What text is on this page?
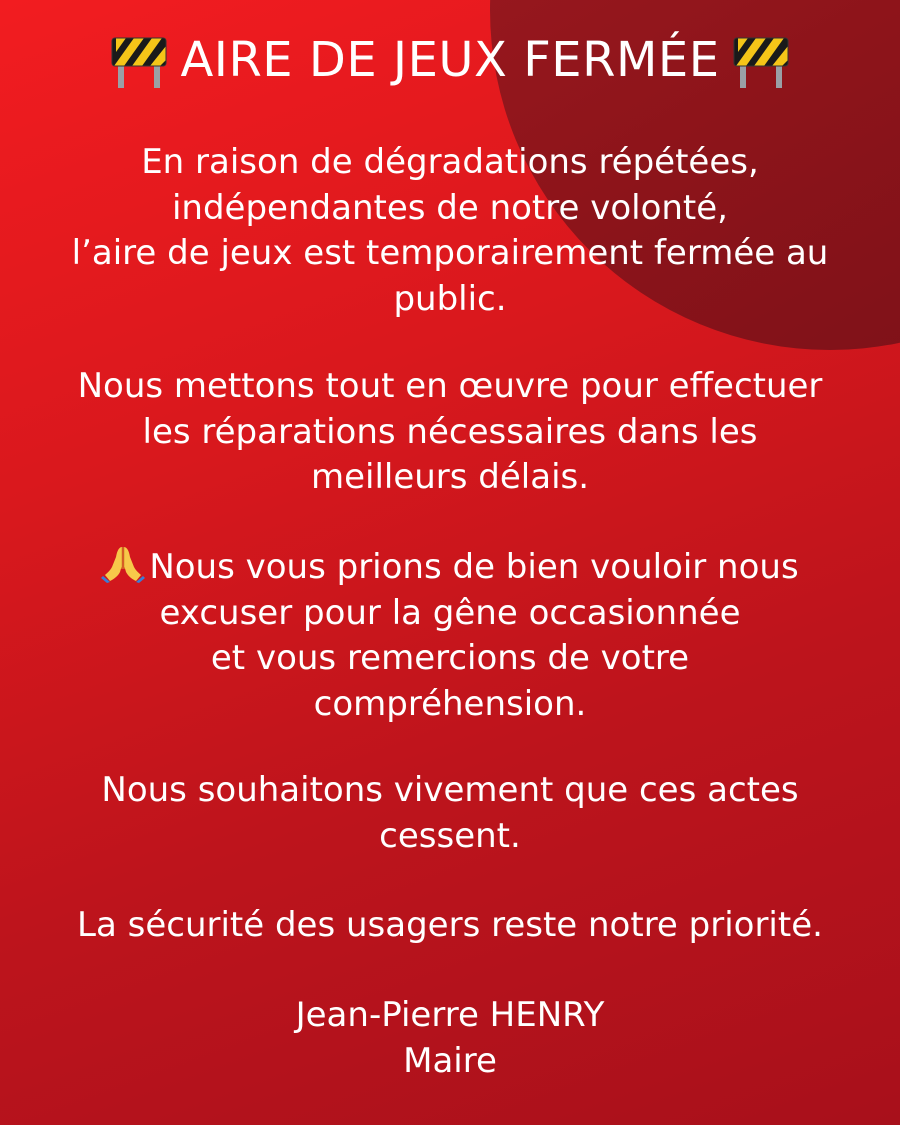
AIRE DE JEUX FERMÉE

En raison de dégradations répétées,
indépendantes de notre volonté,
l’aire de jeux est temporairement fermée au
public.

Nous mettons tout en œuvre pour effectuer
les réparations nécessaires dans les
meilleurs délais.

Nous vous prions de bien vouloir nous
excuser pour la gêne occasionnée
et vous remercions de votre
compréhension.

Nous souhaitons vivement que ces actes
cessent.

La sécurité des usagers reste notre priorité.

Jean-Pierre HENRY
Maire
